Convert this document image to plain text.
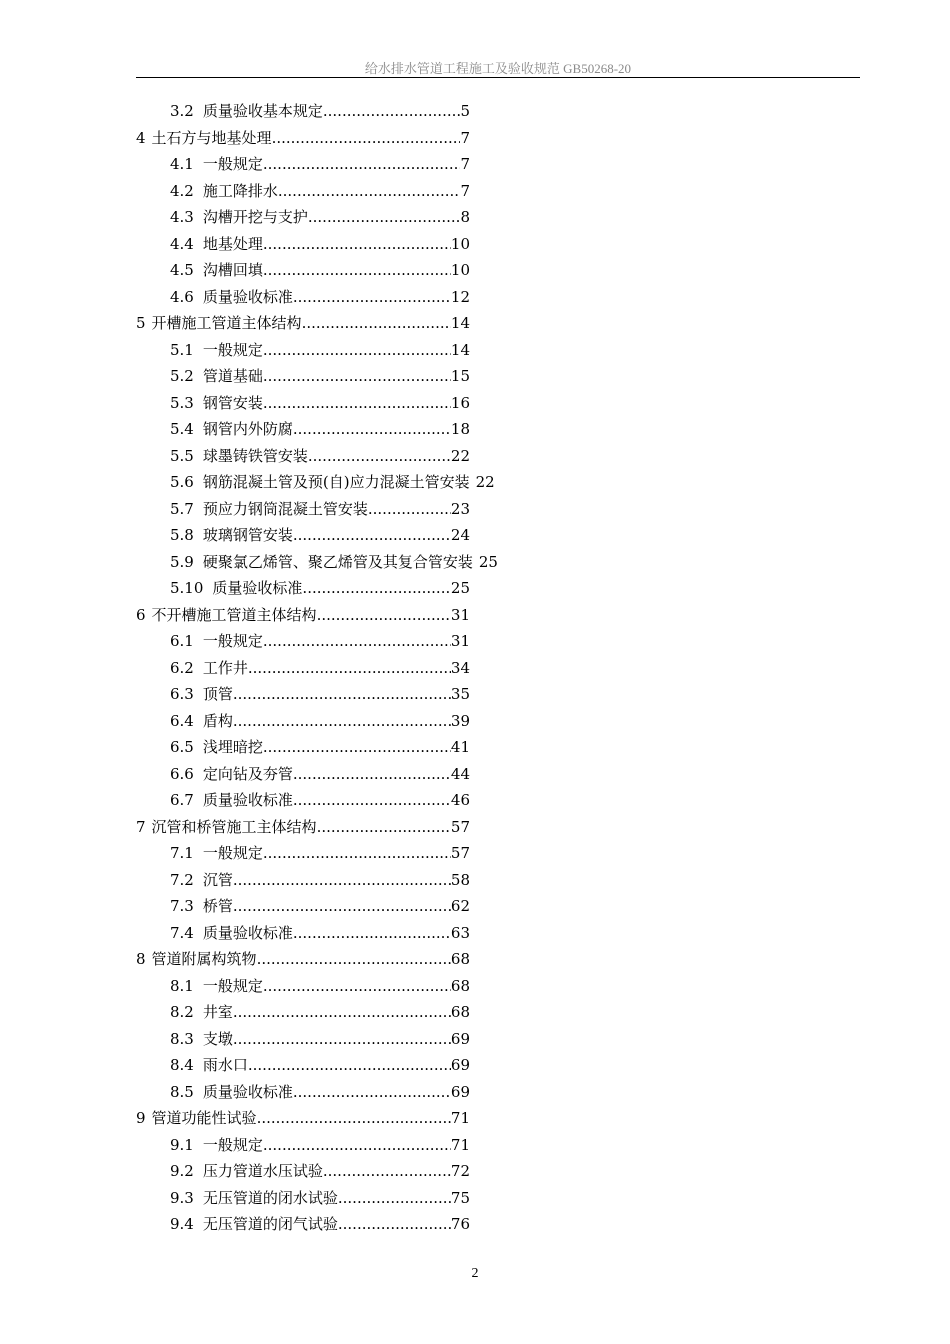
给水排水管道工程施工及验收规范 GB50268-20
3.2 质量验收基本规定 .....	5
4 土石方与地基处理 .....	7
4.1 一般规定 .....	7
4.2 施工降排水 .....	7
4.3 沟槽开挖与支护 .....	8
4.4 地基处理 .....	10
4.5 沟槽回填 .....	10
4.6 质量验收标准 .....	12
5 开槽施工管道主体结构 .....	14
5.1 一般规定 .....	14
5.2 管道基础 .....	15
5.3 钢管安装 .....	16
5.4 钢管内外防腐 .....	18
5.5 球墨铸铁管安装 .....	22
5.6 钢筋混凝土管及预(自)应力混凝土管安装 22
5.7 预应力钢筒混凝土管安装 .....	23
5.8 玻璃钢管安装 .....	24
5.9 硬聚氯乙烯管、聚乙烯管及其复合管安装 25
5.10 质量验收标准 .....	25
6 不开槽施工管道主体结构 .....	31
6.1 一般规定 .....	31
6.2 工作井 .....	34
6.3 顶管 .....	35
6.4 盾构 .....	39
6.5 浅埋暗挖 .....	41
6.6 定向钻及夯管 .....	44
6.7 质量验收标准 .....	46
7 沉管和桥管施工主体结构 .....	57
7.1 一般规定 .....	57
7.2 沉管 .....	58
7.3 桥管 .....	62
7.4 质量验收标准 .....	63
8 管道附属构筑物 .....	68
8.1 一般规定 .....	68
8.2 井室 .....	68
8.3 支墩 .....	69
8.4 雨水口 .....	69
8.5 质量验收标准 .....	69
9 管道功能性试验 .....	71
9.1 一般规定 .....	71
9.2 压力管道水压试验 .....	72
9.3 无压管道的闭水试验 .....	75
9.4 无压管道的闭气试验 .....	76
2
